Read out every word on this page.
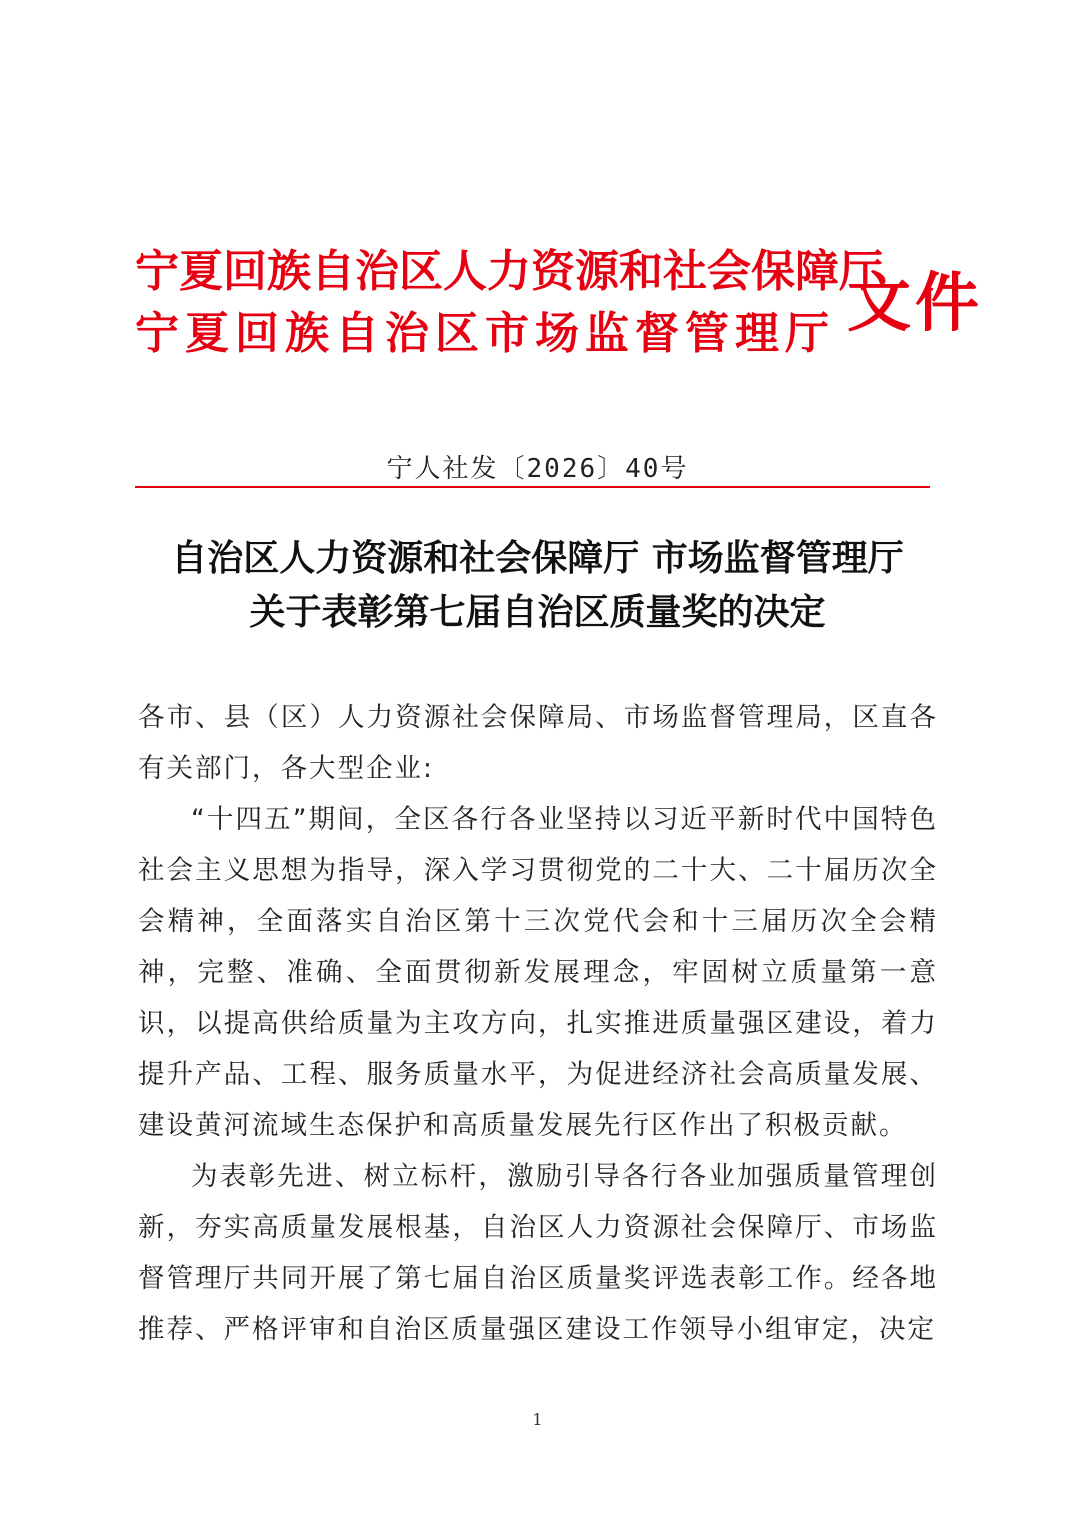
宁夏回族自治区人力资源和社会保障厅
宁夏回族自治区市场监督管理厅 文件
宁人社发〔2026〕40号
自治区人力资源和社会保障厅 市场监督管理厅
关于表彰第七届自治区质量奖的决定

各市、县（区）人力资源社会保障局、市场监督管理局，区直各有关部门，各大型企业:

“十四五”期间，全区各行各业坚持以习近平新时代中国特色社会主义思想为指导，深入学习贯彻党的二十大、二十届历次全会精神，全面落实自治区第十三次党代会和十三届历次全会精神，完整、准确、全面贯彻新发展理念，牢固树立质量第一意识，以提高供给质量为主攻方向，扎实推进质量强区建设，着力提升产品、工程、服务质量水平，为促进经济社会高质量发展、建设黄河流域生态保护和高质量发展先行区作出了积极贡献。

为表彰先进、树立标杆，激励引导各行各业加强质量管理创新，夯实高质量发展根基，自治区人力资源社会保障厅、市场监督管理厅共同开展了第七届自治区质量奖评选表彰工作。经各地推荐、严格评审和自治区质量强区建设工作领导小组审定，决定

1
